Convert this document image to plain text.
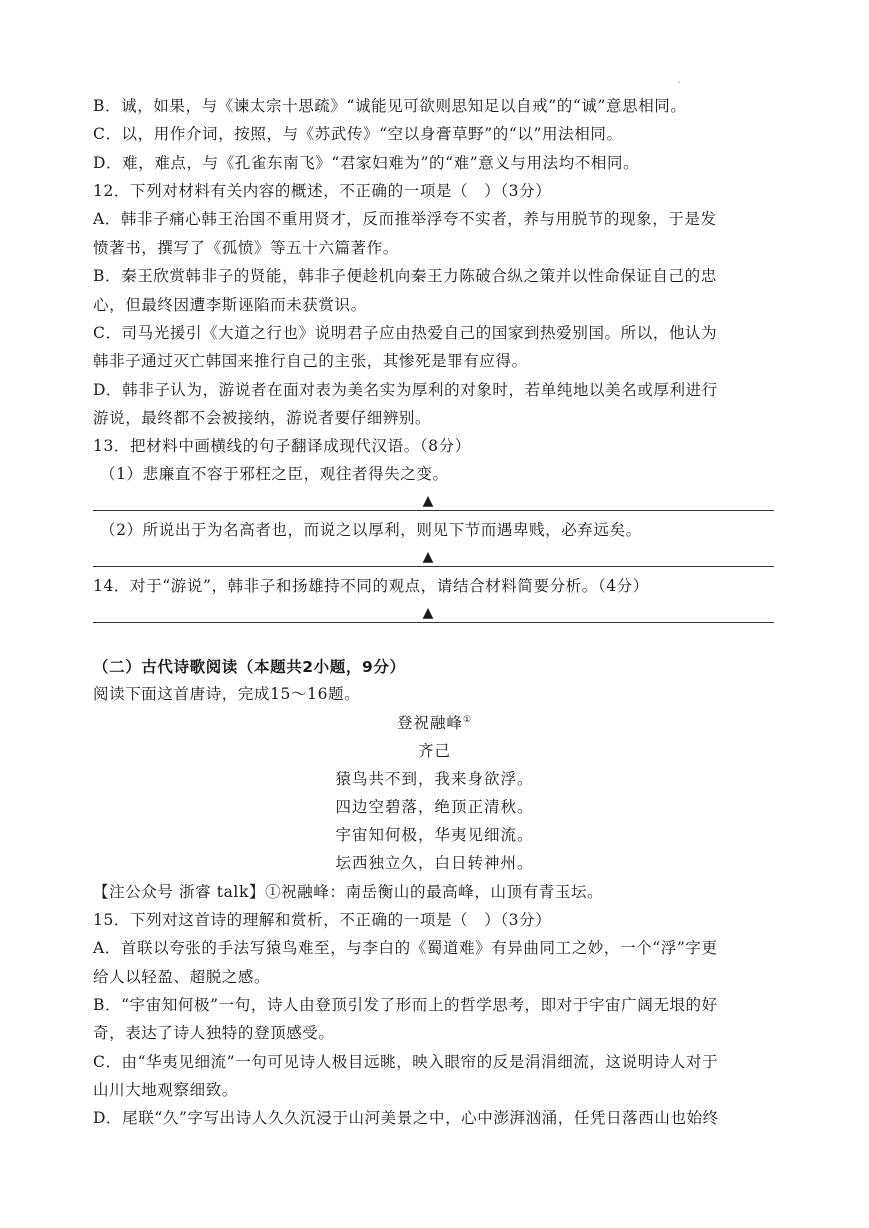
'
B．诚，如果，与《谏太宗十思疏》“诚能见可欲则思知足以自戒”的“诚”意思相同。
C．以，用作介词，按照，与《苏武传》“空以身膏草野”的“以”用法相同。
D．难，难点，与《孔雀东南飞》“君家妇难为”的“难”意义与用法均不相同。
12．下列对材料有关内容的概述，不正确的一项是（　）（3分）
A．韩非子痛心韩王治国不重用贤才，反而推举浮夸不实者，养与用脱节的现象，于是发
愤著书，撰写了《孤愤》等五十六篇著作。
B．秦王欣赏韩非子的贤能，韩非子便趁机向秦王力陈破合纵之策并以性命保证自己的忠
心，但最终因遭李斯诬陷而未获赏识。
C．司马光援引《大道之行也》说明君子应由热爱自己的国家到热爱别国。所以，他认为
韩非子通过灭亡韩国来推行自己的主张，其惨死是罪有应得。
D．韩非子认为，游说者在面对表为美名实为厚利的对象时，若单纯地以美名或厚利进行
游说，最终都不会被接纳，游说者要仔细辨别。
13．把材料中画横线的句子翻译成现代汉语。（8分）
（1）悲廉直不容于邪枉之臣，观往者得失之变。
▲
（2）所说出于为名高者也，而说之以厚利，则见下节而遇卑贱，必弃远矣。
▲
14．对于“游说”，韩非子和扬雄持不同的观点，请结合材料简要分析。（4分）
▲
（二）古代诗歌阅读（本题共2小题，9分）
阅读下面这首唐诗，完成15～16题。
登祝融峰①
齐己
猿鸟共不到，我来身欲浮。
四边空碧落，绝顶正清秋。
宇宙知何极，华夷见细流。
坛西独立久，白日转神州。
【注公众号 浙睿 talk】①祝融峰：南岳衡山的最高峰，山顶有青玉坛。
15．下列对这首诗的理解和赏析，不正确的一项是（　）（3分）
A．首联以夸张的手法写猿鸟难至，与李白的《蜀道难》有异曲同工之妙，一个“浮”字更
给人以轻盈、超脱之感。
B．“宇宙知何极”一句，诗人由登顶引发了形而上的哲学思考，即对于宇宙广阔无垠的好
奇，表达了诗人独特的登顶感受。
C．由“华夷见细流”一句可见诗人极目远眺，映入眼帘的反是涓涓细流，这说明诗人对于
山川大地观察细致。
D．尾联“久”字写出诗人久久沉浸于山河美景之中，心中澎湃汹涌，任凭日落西山也始终
